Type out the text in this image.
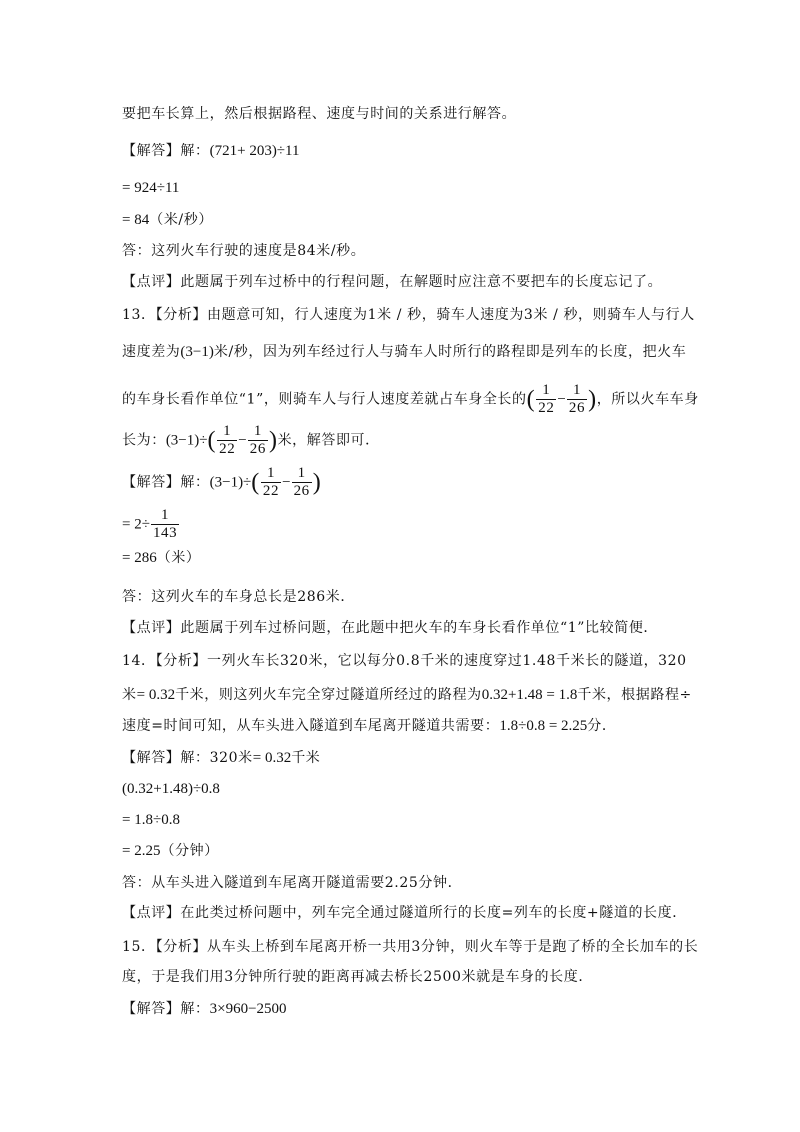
要把车长算上，然后根据路程、速度与时间的关系进行解答。
【解答】解：(721+ 203)÷11
= 924÷11
= 84（米/秒）
答：这列火车行驶的速度是84米/秒。
【点评】此题属于列车过桥中的行程问题，在解题时应注意不要把车的长度忘记了。
13．【分析】由题意可知，行人速度为1米 / 秒，骑车人速度为3米 / 秒，则骑车人与行人
速度差为(3−1)米/秒，因为列车经过行人与骑车人时所行的路程即是列车的长度，把火车
的车身长看作单位“1”，则骑车人与行人速度差就占车身全长的( $\frac{1}{22} - \frac{1}{26}$ )，所以火车车身
长为：$(3-1)\div( \frac{1}{22} - \frac{1}{26}$ )米，解答即可．
【解答】解：$(3-1)\div( \frac{1}{22} - \frac{1}{26}$ )
= $2\div \frac{1}{143}$
= 286（米）
答：这列火车的车身总长是286米．
【点评】此题属于列车过桥问题，在此题中把火车的车身长看作单位“1”比较简便．
14．【分析】一列火车长320米，它以每分0.8千米的速度穿过1.48千米长的隧道，320
米= 0.32千米，则这列火车完全穿过隧道所经过的路程为0.32+1.48 = 1.8千米，根据路程÷
速度=时间可知，从车头进入隧道到车尾离开隧道共需要：1.8÷0.8 = 2.25分．
【解答】解：320米= 0.32千米
(0.32+1.48)÷0.8
= 1.8÷0.8
= 2.25（分钟）
答：从车头进入隧道到车尾离开隧道需要2.25分钟．
【点评】在此类过桥问题中，列车完全通过隧道所行的长度=列车的长度+隧道的长度．
15．【分析】从车头上桥到车尾离开桥一共用3分钟，则火车等于是跑了桥的全长加车的长
度，于是我们用3分钟所行驶的距离再减去桥长2500米就是车身的长度．
【解答】解：3×960−2500
